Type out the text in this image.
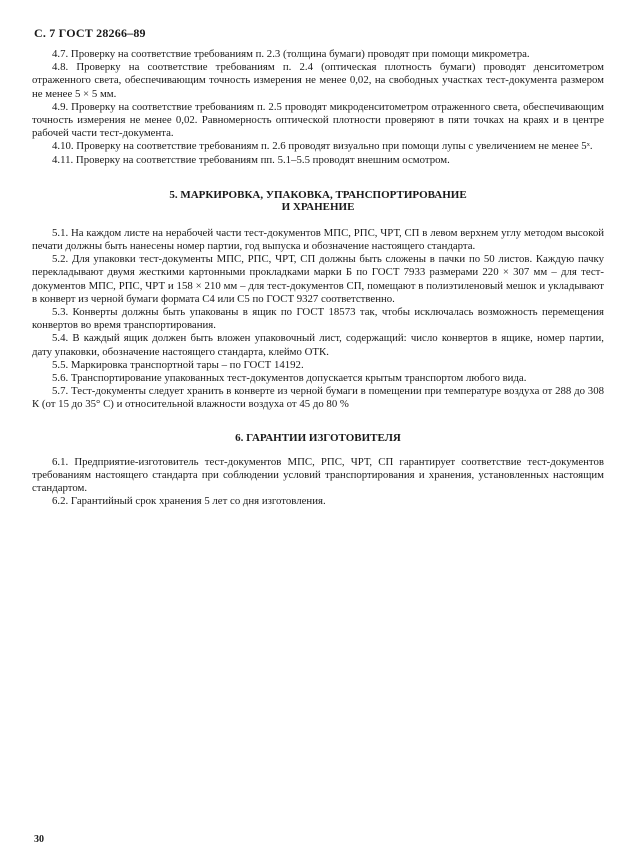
С. 7 ГОСТ 28266–89

4.7. Проверку на соответствие требованиям п. 2.3 (толщина бумаги) проводят при помощи микрометра.

4.8. Проверку на соответствие требованиям п. 2.4 (оптическая плотность бумаги) проводят денситометром отраженного света, обеспечивающим точность измерения не менее 0,02, на свободных участках тест-документа размером не менее 5 × 5 мм.

4.9. Проверку на соответствие требованиям п. 2.5 проводят микроденситометром отраженного света, обеспечивающим точность измерения не менее 0,02. Равномерность оптической плотности проверяют в пяти точках на краях и в центре рабочей части тест-документа.

4.10. Проверку на соответствие требованиям п. 2.6 проводят визуально при помощи лупы с увеличением не менее 5ˣ.

4.11. Проверку на соответствие требованиям пп. 5.1–5.5 проводят внешним осмотром.

5. МАРКИРОВКА, УПАКОВКА, ТРАНСПОРТИРОВАНИЕ
И ХРАНЕНИЕ

5.1. На каждом листе на нерабочей части тест-документов МПС, РПС, ЧРТ, СП в левом верхнем углу методом высокой печати должны быть нанесены номер партии, год выпуска и обозначение настоящего стандарта.

5.2. Для упаковки тест-документы МПС, РПС, ЧРТ, СП должны быть сложены в пачки по 50 листов. Каждую пачку перекладывают двумя жесткими картонными прокладками марки Б по ГОСТ 7933 размерами 220 × 307 мм – для тест-документов МПС, РПС, ЧРТ и 158 × 210 мм – для тест-документов СП, помещают в полиэтиленовый мешок и укладывают в конверт из черной бумаги формата С4 или С5 по ГОСТ 9327 соответственно.

5.3. Конверты должны быть упакованы в ящик по ГОСТ 18573 так, чтобы исключалась возможность перемещения конвертов во время транспортирования.

5.4. В каждый ящик должен быть вложен упаковочный лист, содержащий: число конвертов в ящике, номер партии, дату упаковки, обозначение настоящего стандарта, клеймо ОТК.

5.5. Маркировка транспортной тары – по ГОСТ 14192.

5.6. Транспортирование упакованных тест-документов допускается крытым транспортом любого вида.

5.7. Тест-документы следует хранить в конверте из черной бумаги в помещении при температуре воздуха от 288 до 308 К (от 15 до 35° С) и относительной влажности воздуха от 45 до 80 %

6. ГАРАНТИИ ИЗГОТОВИТЕЛЯ

6.1. Предприятие-изготовитель тест-документов МПС, РПС, ЧРТ, СП гарантирует соответствие тест-документов требованиям настоящего стандарта при соблюдении условий транспортирования и хранения, установленных настоящим стандартом.

6.2. Гарантийный срок хранения 5 лет со дня изготовления.

30
